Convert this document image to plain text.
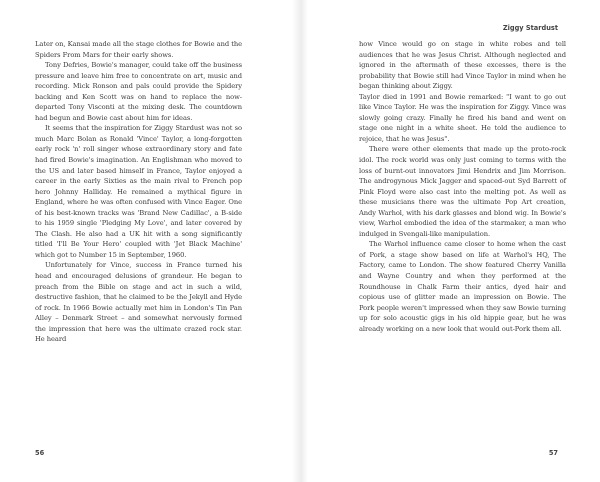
Ziggy Stardust

Later on, Kansai made all the stage clothes for Bowie and the Spiders From Mars for their early shows.

Tony Defries, Bowie's manager, could take off the business pressure and leave him free to concentrate on art, music and recording. Mick Ronson and pals could provide the Spidery backing and Ken Scott was on hand to replace the now-departed Tony Visconti at the mixing desk. The countdown had begun and Bowie cast about him for ideas.

It seems that the inspiration for Ziggy Stardust was not so much Marc Bolan as Ronald 'Vince' Taylor, a long-forgotten early rock 'n' roll singer whose extraordinary story and fate had fired Bowie's imagination. An Englishman who moved to the US and later based himself in France, Taylor enjoyed a career in the early Sixties as the main rival to French pop hero Johnny Halliday. He remained a mythical figure in England, where he was often confused with Vince Eager. One of his best-known tracks was 'Brand New Cadillac', a B-side to his 1959 single 'Pledging My Love', and later covered by The Clash. He also had a UK hit with a song significantly titled 'I'll Be Your Hero' coupled with 'Jet Black Machine' which got to Number 15 in September, 1960.

Unfortunately for Vince, success in France turned his head and encouraged delusions of grandeur. He began to preach from the Bible on stage and act in such a wild, destructive fashion, that he claimed to be the Jekyll and Hyde of rock. In 1966 Bowie actually met him in London's Tin Pan Alley – Denmark Street – and somewhat nervously formed the impression that here was the ultimate crazed rock star. He heard

how Vince would go on stage in white robes and tell audiences that he was Jesus Christ. Although neglected and ignored in the aftermath of these excesses, there is the probability that Bowie still had Vince Taylor in mind when he began thinking about Ziggy.

Taylor died in 1991 and Bowie remarked: "I want to go out like Vince Taylor. He was the inspiration for Ziggy. Vince was slowly going crazy. Finally he fired his band and went on stage one night in a white sheet. He told the audience to rejoice, that he was Jesus".

There were other elements that made up the proto-rock idol. The rock world was only just coming to terms with the loss of burnt-out innovators Jimi Hendrix and Jim Morrison. The androgynous Mick Jagger and spaced-out Syd Barrett of Pink Floyd were also cast into the melting pot. As well as these musicians there was the ultimate Pop Art creation, Andy Warhol, with his dark glasses and blond wig. In Bowie's view, Warhol embodied the idea of the starmaker, a man who indulged in Svengali-like manipulation.

The Warhol influence came closer to home when the cast of Pork, a stage show based on life at Warhol's HQ, The Factory, came to London. The show featured Cherry Vanilla and Wayne Country and when they performed at the Roundhouse in Chalk Farm their antics, dyed hair and copious use of glitter made an impression on Bowie. The Pork people weren't impressed when they saw Bowie turning up for solo acoustic gigs in his old hippie gear, but he was already working on a new look that would out-Pork them all.

56	57
